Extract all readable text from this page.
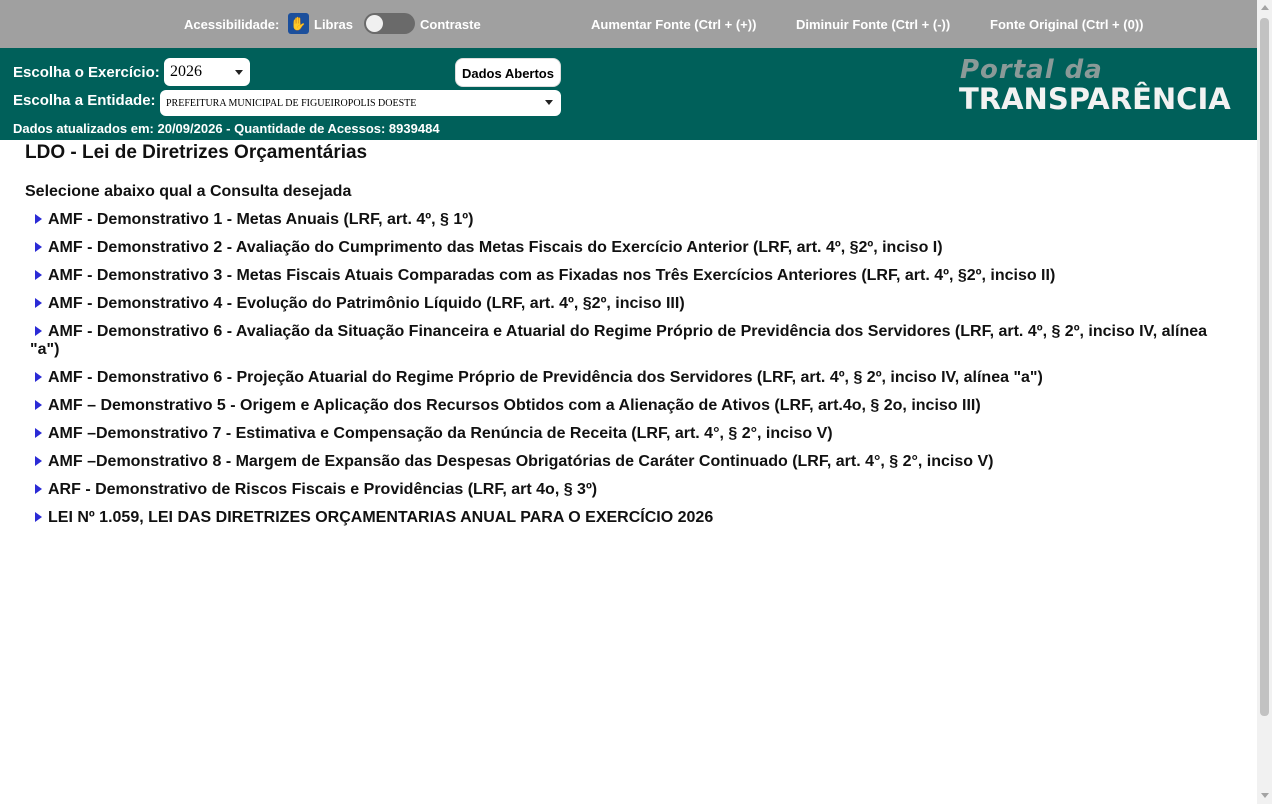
Acessibilidade: ✋ Libras	Contraste	Aumentar Fonte (Ctrl + (+))	Diminuir Fonte (Ctrl + (-))	Fonte Original (Ctrl + (0))
Escolha o Exercício: 2026	Dados Abertos
Escolha a Entidade:	PREFEITURA MUNICIPAL DE FIGUEIROPOLIS DOESTE
Dados atualizados em: 20/09/2026 - Quantidade de Acessos: 8939484
Portal da
TRANSPARÊNCIA
LDO - Lei de Diretrizes Orçamentárias
Selecione abaixo qual a Consulta desejada
AMF - Demonstrativo 1 - Metas Anuais (LRF, art. 4º, § 1º)
AMF - Demonstrativo 2 - Avaliação do Cumprimento das Metas Fiscais do Exercício Anterior (LRF, art. 4º, §2º, inciso I)
AMF - Demonstrativo 3 - Metas Fiscais Atuais Comparadas com as Fixadas nos Três Exercícios Anteriores (LRF, art. 4º, §2º, inciso II)
AMF - Demonstrativo 4 - Evolução do Patrimônio Líquido (LRF, art. 4º, §2º, inciso III)
AMF - Demonstrativo 6 - Avaliação da Situação Financeira e Atuarial do Regime Próprio de Previdência dos Servidores (LRF, art. 4º, § 2º, inciso IV, alínea "a")
AMF - Demonstrativo 6 - Projeção Atuarial do Regime Próprio de Previdência dos Servidores (LRF, art. 4º, § 2º, inciso IV, alínea "a")
AMF – Demonstrativo 5 - Origem e Aplicação dos Recursos Obtidos com a Alienação de Ativos (LRF, art.4o, § 2o, inciso III)
AMF –Demonstrativo 7 - Estimativa e Compensação da Renúncia de Receita (LRF, art. 4°, § 2°, inciso V)
AMF –Demonstrativo 8 - Margem de Expansão das Despesas Obrigatórias de Caráter Continuado (LRF, art. 4°, § 2°, inciso V)
ARF - Demonstrativo de Riscos Fiscais e Providências (LRF, art 4o, § 3º)
LEI Nº 1.059, LEI DAS DIRETRIZES ORÇAMENTARIAS ANUAL PARA O EXERCÍCIO 2026
